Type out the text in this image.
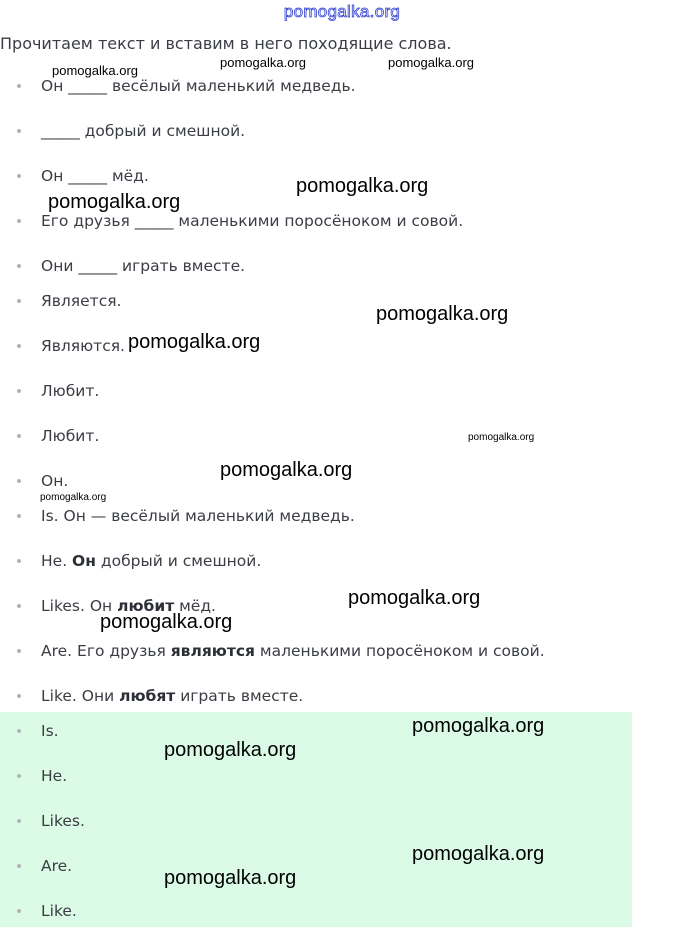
pomogalka.org
Прочитаем текст и вставим в него походящие слова.
Он _____ весёлый маленький медведь.
_____ добрый и смешной.
Он _____ мёд.
Его друзья _____ маленькими поросёноком и совой.
Они _____ играть вместе.
Является.
Являются.
Любит.
Любит.
Он.
Is. Он — весёлый маленький медведь.
He. Он добрый и смешной.
Likes. Он любит мёд.
Are. Его друзья являются маленькими поросёноком и совой.
Like. Они любят играть вместе.
Is.
He.
Likes.
Are.
Like.
pomogalka.org
pomogalka.org	pomogalka.org
pomogalka.org
pomogalka.org
pomogalka.org
pomogalka.org
pomogalka.org
pomogalka.org
pomogalka.org
pomogalka.org
pomogalka.org
pomogalka.org
pomogalka.org
pomogalka.org
pomogalka.org
